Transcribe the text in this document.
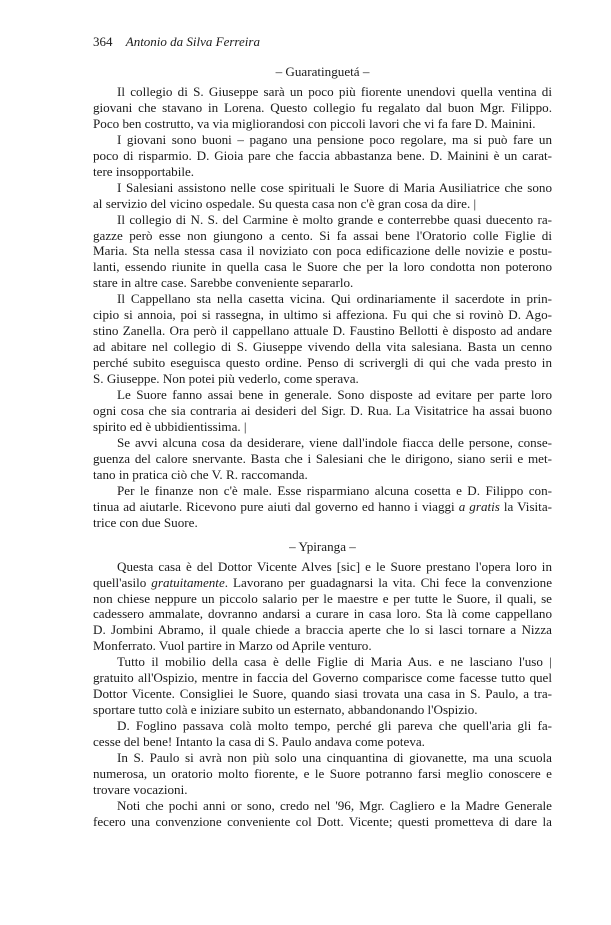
364 Antonio da Silva Ferreira
– Guaratinguetá –
Il collegio di S. Giuseppe sarà un poco più fiorente unendovi quella ventina di
giovani che stavano in Lorena. Questo collegio fu regalato dal buon Mgr. Filippo.
Poco ben costrutto, va via migliorandosi con piccoli lavori che vi fa fare D. Mainini.
I giovani sono buoni – pagano una pensione poco regolare, ma si può fare un
poco di risparmio. D. Gioia pare che faccia abbastanza bene. D. Mainini è un carat-
tere insopportabile.
I Salesiani assistono nelle cose spirituali le Suore di Maria Ausiliatrice che sono
al servizio del vicino ospedale. Su questa casa non c'è gran cosa da dire. |
Il collegio di N. S. del Carmine è molto grande e conterrebbe quasi duecento ra-
gazze però esse non giungono a cento. Si fa assai bene l'Oratorio colle Figlie di
Maria. Sta nella stessa casa il noviziato con poca edificazione delle novizie e postu-
lanti, essendo riunite in quella casa le Suore che per la loro condotta non poterono
stare in altre case. Sarebbe conveniente separarlo.
Il Cappellano sta nella casetta vicina. Qui ordinariamente il sacerdote in prin-
cipio si annoia, poi si rassegna, in ultimo si affeziona. Fu qui che si rovinò D. Ago-
stino Zanella. Ora però il cappellano attuale D. Faustino Bellotti è disposto ad andare
ad abitare nel collegio di S. Giuseppe vivendo della vita salesiana. Basta un cenno
perché subito eseguisca questo ordine. Penso di scrivergli di qui che vada presto in
S. Giuseppe. Non potei più vederlo, come sperava.
Le Suore fanno assai bene in generale. Sono disposte ad evitare per parte loro
ogni cosa che sia contraria ai desideri del Sigr. D. Rua. La Visitatrice ha assai buono
spirito ed è ubbidientissima. |
Se avvi alcuna cosa da desiderare, viene dall'indole fiacca delle persone, conse-
guenza del calore snervante. Basta che i Salesiani che le dirigono, siano serii e met-
tano in pratica ciò che V. R. raccomanda.
Per le finanze non c'è male. Esse risparmiano alcuna cosetta e D. Filippo con-
tinua ad aiutarle. Ricevono pure aiuti dal governo ed hanno i viaggi a gratis la Visita-
trice con due Suore.
– Ypiranga –
Questa casa è del Dottor Vicente Alves [sic] e le Suore prestano l'opera loro in
quell'asilo gratuitamente. Lavorano per guadagnarsi la vita. Chi fece la convenzione
non chiese neppure un piccolo salario per le maestre e per tutte le Suore, il quali, se
cadessero ammalate, dovranno andarsi a curare in casa loro. Sta là come cappellano
D. Jombini Abramo, il quale chiede a braccia aperte che lo si lasci tornare a Nizza
Monferrato. Vuol partire in Marzo od Aprile venturo.
Tutto il mobilio della casa è delle Figlie di Maria Aus. e ne lasciano l'uso |
gratuito all'Ospizio, mentre in faccia del Governo comparisce come facesse tutto quel
Dottor Vicente. Consigliei le Suore, quando siasi trovata una casa in S. Paulo, a tra-
sportare tutto colà e iniziare subito un esternato, abbandonando l'Ospizio.
D. Foglino passava colà molto tempo, perché gli pareva che quell'aria gli fa-
cesse del bene! Intanto la casa di S. Paulo andava come poteva.
In S. Paulo si avrà non più solo una cinquantina di giovanette, ma una scuola
numerosa, un oratorio molto fiorente, e le Suore potranno farsi meglio conoscere e
trovare vocazioni.
Noti che pochi anni or sono, credo nel '96, Mgr. Cagliero e la Madre Generale
fecero una convenzione conveniente col Dott. Vicente; questi prometteva di dare la
